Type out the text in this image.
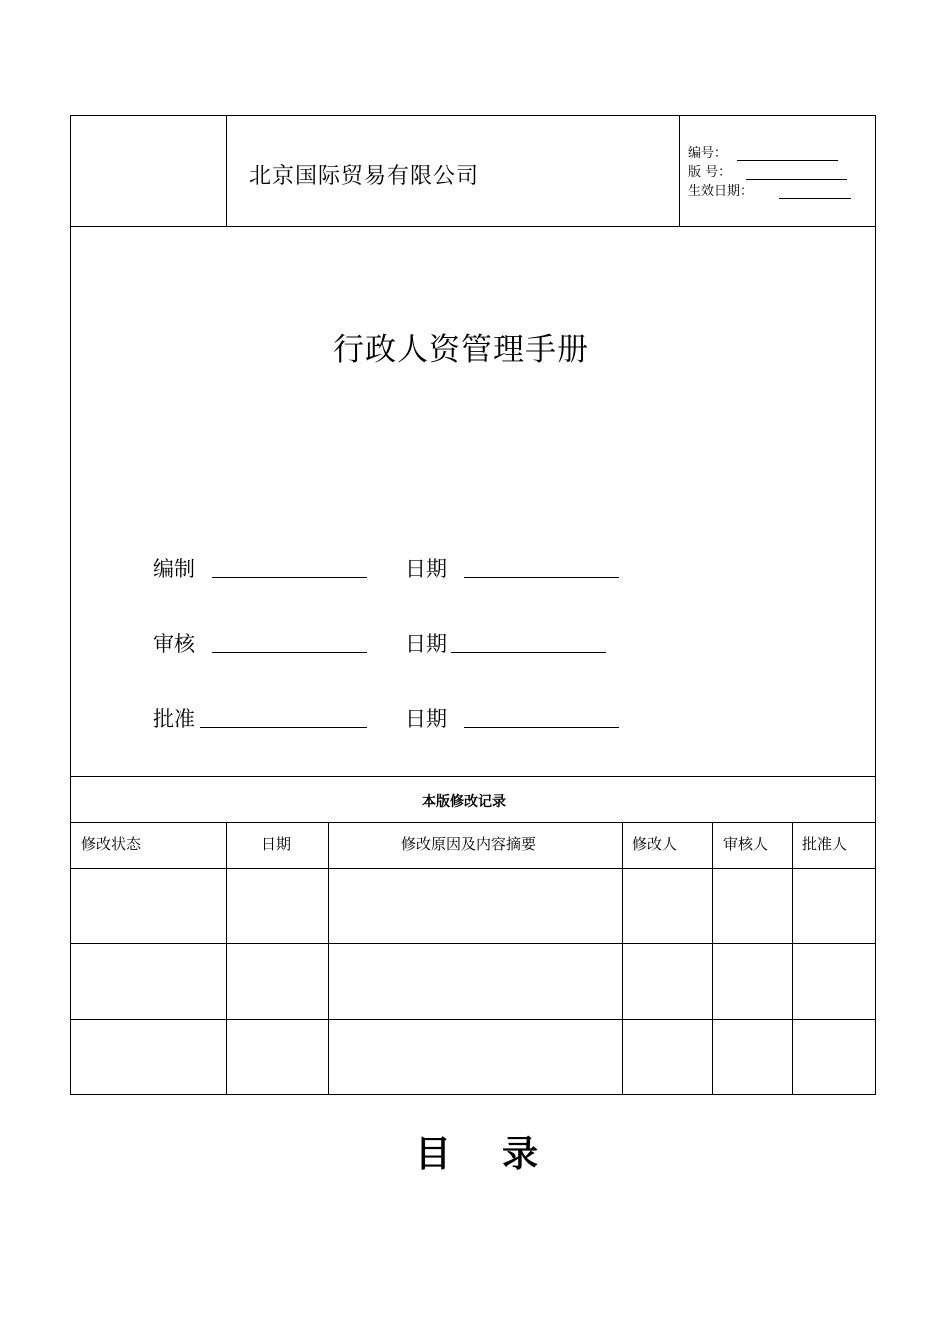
北京国际贸易有限公司
编号：
版 号：
生效日期：
行政人资管理手册
编制	日期
审核	日期
批准	日期
本版修改记录
修改状态	日期	修改原因及内容摘要	修改人	审核人 批准人
目 录
